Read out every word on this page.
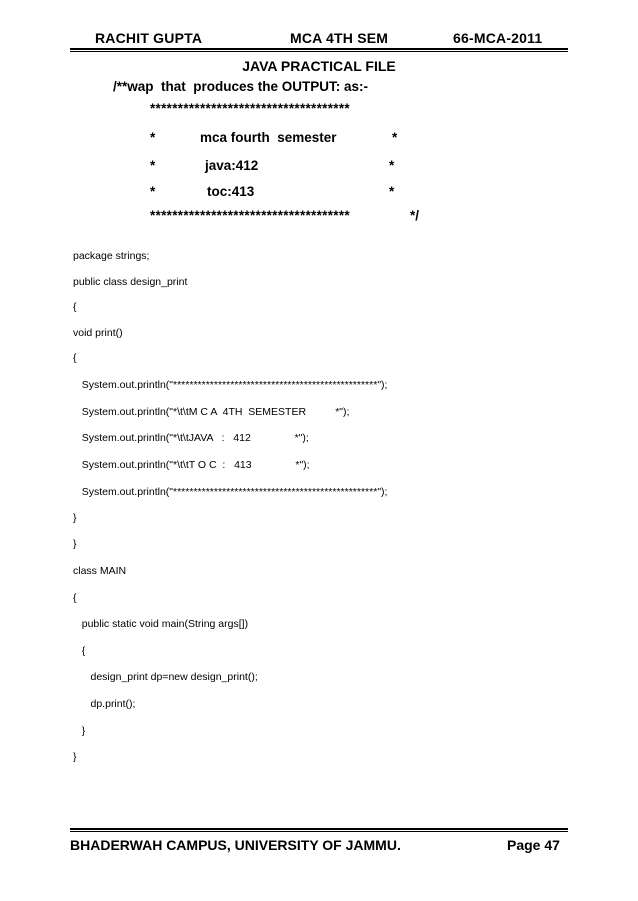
RACHIT GUPTA	MCA 4TH SEM	66-MCA-2011
JAVA PRACTICAL FILE
/**wap  that  produces the OUTPUT: as:-
************************************
*	mca fourth  semester	*
*	java:412	*
*	toc:413	*
************************************	*/
package strings;
public class design_print
{
void print()
{
System.out.println("**************************************************");
System.out.println("*\t\tM C A  4TH  SEMESTER          *");
System.out.println("*\t\tJAVA   :   412               *");
System.out.println("*\t\tT O C  :   413               *");
System.out.println("**************************************************");
}
}
class MAIN
{
public static void main(String args[])
{
design_print dp=new design_print();
dp.print();
}
}
BHADERWAH CAMPUS, UNIVERSITY OF JAMMU.	Page 47
